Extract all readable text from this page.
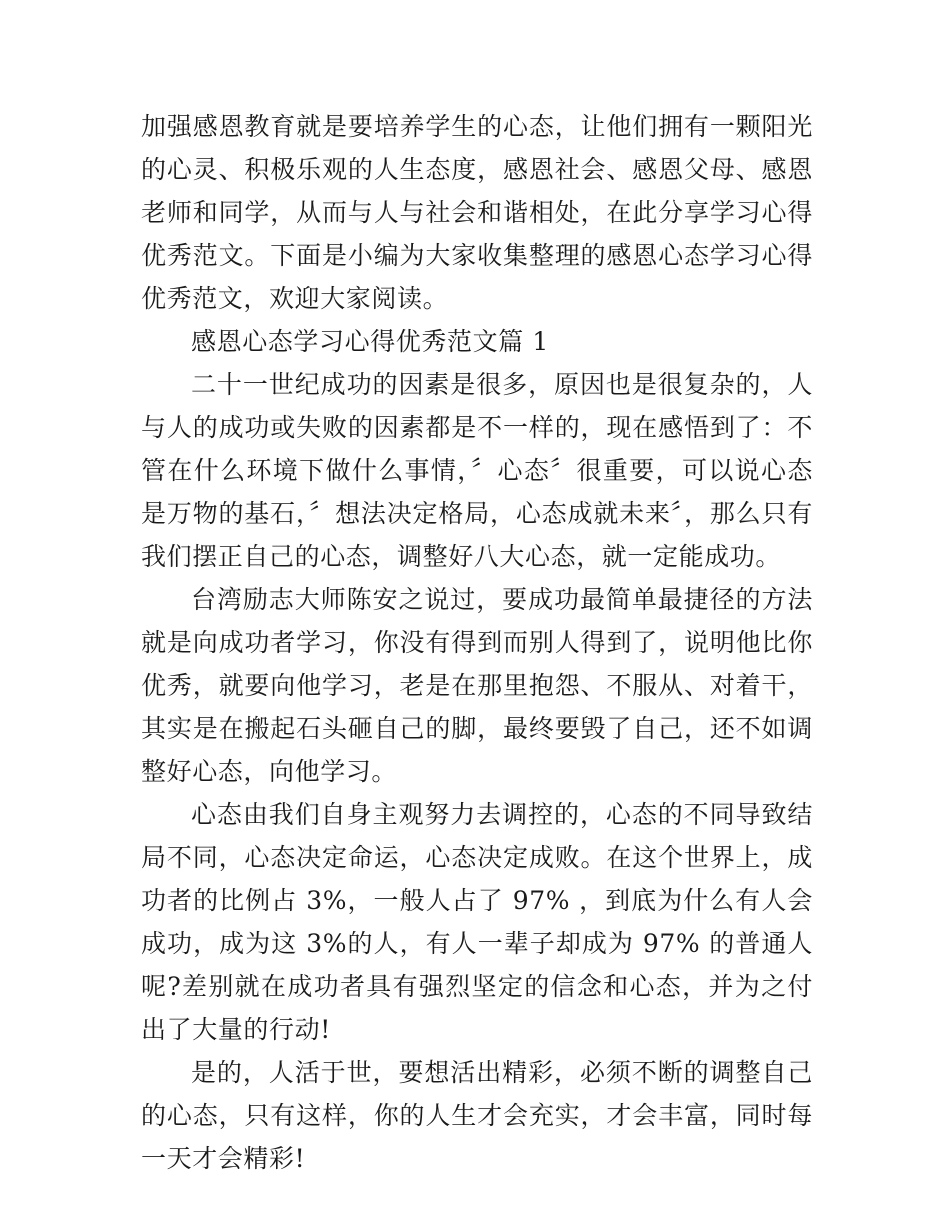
加强感恩教育就是要培养学生的心态，让他们拥有一颗阳光的心灵、积极乐观的人生态度，感恩社会、感恩父母、感恩老师和同学，从而与人与社会和谐相处，在此分享学习心得优秀范文。下面是小编为大家收集整理的感恩心态学习心得优秀范文，欢迎大家阅读。

感恩心态学习心得优秀范文篇 1

二十一世纪成功的因素是很多，原因也是很复杂的，人与人的成功或失败的因素都是不一样的，现在感悟到了：不管在什么环境下做什么事情，〞心态〞很重要，可以说心态是万物的基石，〞想法决定格局，心态成就未来〞，那么只有我们摆正自己的心态，调整好八大心态，就一定能成功。

台湾励志大师陈安之说过，要成功最简单最捷径的方法就是向成功者学习，你没有得到而别人得到了，说明他比你优秀，就要向他学习，老是在那里抱怨、不服从、对着干，其实是在搬起石头砸自己的脚，最终要毁了自己，还不如调整好心态，向他学习。

心态由我们自身主观努力去调控的，心态的不同导致结局不同，心态决定命运，心态决定成败。在这个世界上，成功者的比例占 3%，一般人占了 97% ，到底为什么有人会成功，成为这 3%的人，有人一辈子却成为 97% 的普通人呢?差别就在成功者具有强烈坚定的信念和心态，并为之付出了大量的行动!

是的，人活于世，要想活出精彩，必须不断的调整自己的心态，只有这样，你的人生才会充实，才会丰富，同时每一天才会精彩!
